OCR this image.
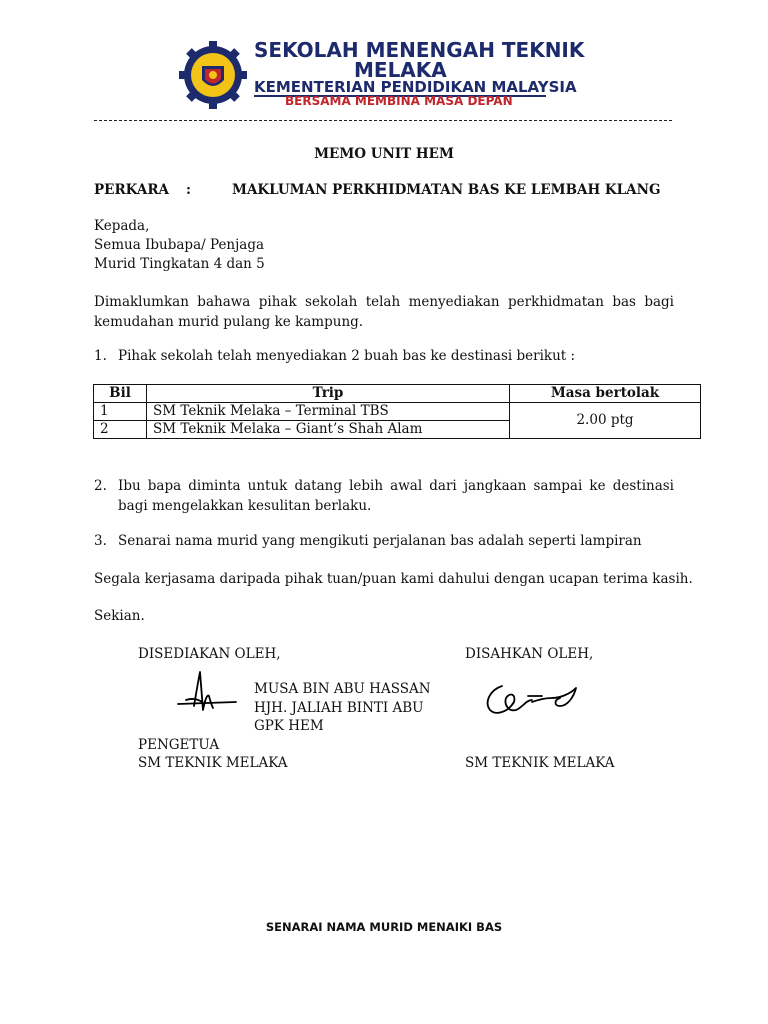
SEKOLAH MENENGAH TEKNIK
MELAKA
KEMENTERIAN PENDIDIKAN MALAYSIA
BERSAMA MEMBINA MASA DEPAN
MEMO UNIT HEM
PERKARA :	MAKLUMAN PERKHIDMATAN BAS KE LEMBAH KLANG
Kepada,
Semua Ibubapa/ Penjaga
Murid Tingkatan 4 dan 5
Dimaklumkan bahawa pihak sekolah telah menyediakan perkhidmatan bas bagi kemudahan murid pulang ke kampung.
1. Pihak sekolah telah menyediakan 2 buah bas ke destinasi berikut :
Bil	Trip	Masa bertolak
1	SM Teknik Melaka – Terminal TBS	2.00 ptg
2	SM Teknik Melaka – Giant’s Shah Alam	
2. Ibu bapa diminta untuk datang lebih awal dari jangkaan sampai ke destinasi bagi mengelakkan kesulitan berlaku.
3. Senarai nama murid yang mengikuti perjalanan bas adalah seperti lampiran
Segala kerjasama daripada pihak tuan/puan kami dahului dengan ucapan terima kasih.
Sekian.
DISEDIAKAN OLEH,	DISAHKAN OLEH,
MUSA BIN ABU HASSAN
HJH. JALIAH BINTI ABU
GPK HEM
PENGETUA
SM TEKNIK MELAKA	SM TEKNIK MELAKA
SENARAI NAMA MURID MENAIKI BAS
